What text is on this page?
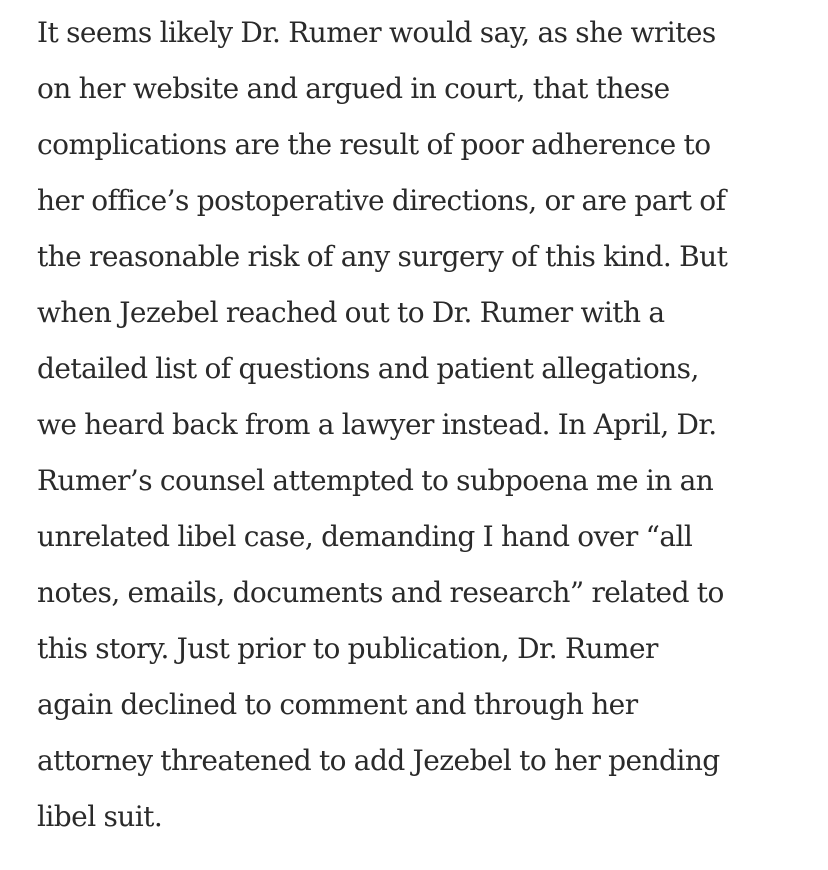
It seems likely Dr. Rumer would say, as she writes
on her website and argued in court, that these
complications are the result of poor adherence to
her office’s postoperative directions, or are part of
the reasonable risk of any surgery of this kind. But
when Jezebel reached out to Dr. Rumer with a
detailed list of questions and patient allegations,
we heard back from a lawyer instead. In April, Dr.
Rumer’s counsel attempted to subpoena me in an
unrelated libel case, demanding I hand over “all
notes, emails, documents and research” related to
this story. Just prior to publication, Dr. Rumer
again declined to comment and through her
attorney threatened to add Jezebel to her pending
libel suit.
